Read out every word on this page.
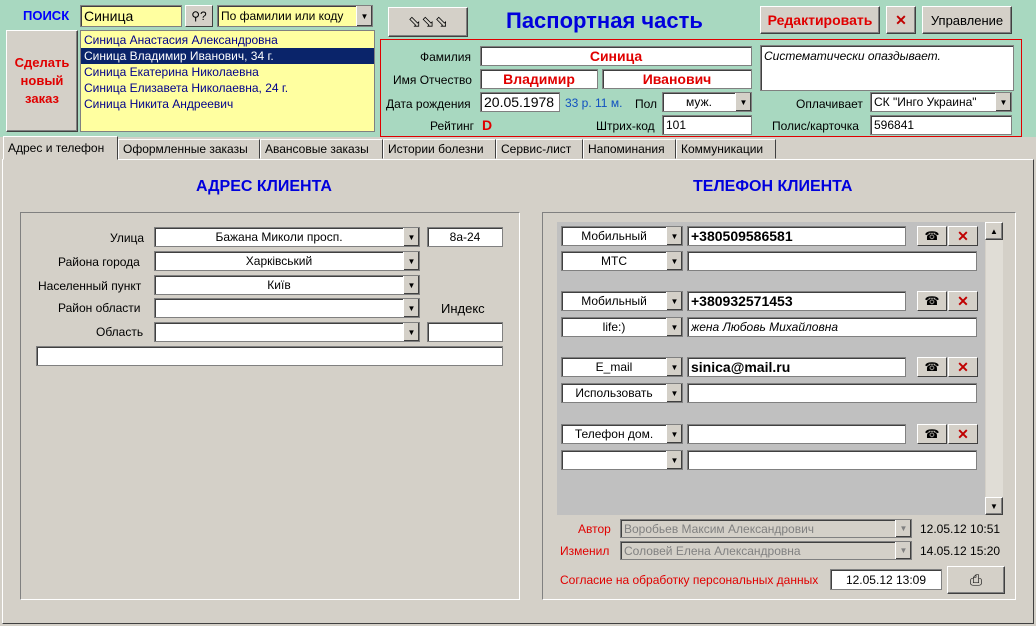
ПОИСК Синица	⚲? По фамилии или коду	▼
Сделать новый заказ
Синица Анастасия Александровна
Синица Владимир Иванович, 34 г.
Синица Екатерина Николаевна
Синица Елизавета Николаевна, 24 г.
Синица Никита Андреевич
⬂⬂⬂	Паспортная часть	Редактировать	✕	Управление
Фамилия	Синица
Имя Отчество	Владимир	Иванович
Дата рождения 20.05.1978 33 р. 11 м. Пол	муж.	▼
Рейтинг D	Штрих-код 101
Систематически опаздывает.
Оплачивает СК "Инго Украина"	▼
Полис/карточка	596841
Адрес и телефон	Оформленные заказы	Авансовые заказы	Истории болезни	Сервис-лист	Напоминания	Коммуникации
АДРЕС КЛИЕНТА
Улица	Бажана Миколи просп.	▼	8а-24
Района города	Харківський	▼
Населенный пункт	Київ	▼
Район области	▼ Индекс
Область	▼
ТЕЛЕФОН КЛИЕНТА
▲
▼
Мобильный	▼ +380509586581	☎ ✕
МТС	▼
Мобильный	▼ +380932571453	☎ ✕
life:)	▼	жена Любовь Михайловна
E_mail	▼ sinica@mail.ru	☎ ✕
Использовать	▼
Телефон дом.	▼	☎ ✕
▼
Автор Воробьев Максим Александрович	▼ 12.05.12 10:51
Изменил Соловей Елена Александровна	▼ 14.05.12 15:20
Согласие на обработку персональных данных	12.05.12 13:09	⎙
